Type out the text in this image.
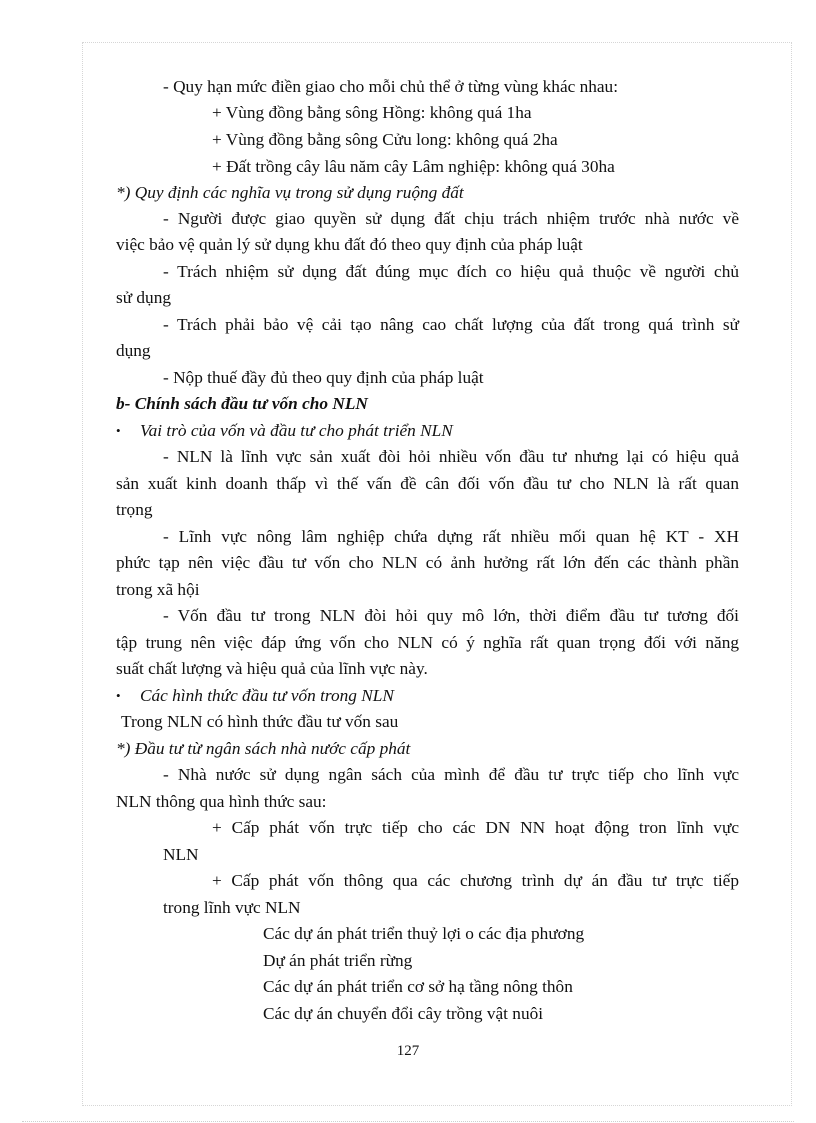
- Quy hạn mức điền giao cho mỗi chủ thể ở từng vùng khác nhau:
+ Vùng đồng bằng sông Hồng: không quá 1ha
+ Vùng đồng bằng sông Cửu long: không quá 2ha
+ Đất trồng cây lâu năm cây Lâm nghiệp: không quá 30ha
*) Quy định các nghĩa vụ trong sử dụng ruộng đất
- Người được giao quyền sử dụng đất chịu trách nhiệm trước nhà nước về
việc bảo vệ quản lý sử dụng khu đất đó theo quy định của pháp luật
- Trách nhiệm sử dụng đất đúng mục đích co hiệu quả thuộc về người chủ
sử dụng
- Trách phải bảo vệ cải tạo nâng cao chất lượng của đất trong quá trình sử
dụng
- Nộp thuế đầy đủ theo quy định của pháp luật
b- Chính sách đầu tư vốn cho NLN
• Vai trò của vốn và đầu tư cho phát triển NLN
- NLN là lĩnh vực sản xuất đòi hỏi nhiều vốn đầu tư nhưng lại có hiệu quả
sản xuất kinh doanh thấp vì thế vấn đề cân đối vốn đầu tư cho NLN là rất quan
trọng
- Lĩnh vực nông lâm nghiệp chứa dựng rất nhiều mối quan hệ KT - XH
phức tạp nên việc đầu tư vốn cho NLN có ảnh hưởng rất lớn đến các thành phần
trong xã hội
- Vốn đầu tư trong NLN đòi hỏi quy mô lớn, thời điểm đầu tư tương đối
tập trung nên việc đáp ứng vốn cho NLN có ý nghĩa rất quan trọng đối với năng
suất chất lượng và hiệu quả của lĩnh vực này.
• Các hình thức đầu tư vốn trong NLN
Trong NLN có hình thức đầu tư vốn sau
*) Đầu tư từ ngân sách nhà nước cấp phát
- Nhà nước sử dụng ngân sách của mình để đầu tư trực tiếp cho lĩnh vực
NLN thông qua hình thức sau:
+ Cấp phát vốn trực tiếp cho các DN NN hoạt động tron lĩnh vực
NLN
+ Cấp phát vốn thông qua các chương trình dự án đầu tư trực tiếp
trong lĩnh vực NLN
Các dự án phát triển thuỷ lợi o các địa phương
Dự án phát triển rừng
Các dự án phát triển cơ sở hạ tầng nông thôn
Các dự án chuyển đổi cây trồng vật nuôi
127
